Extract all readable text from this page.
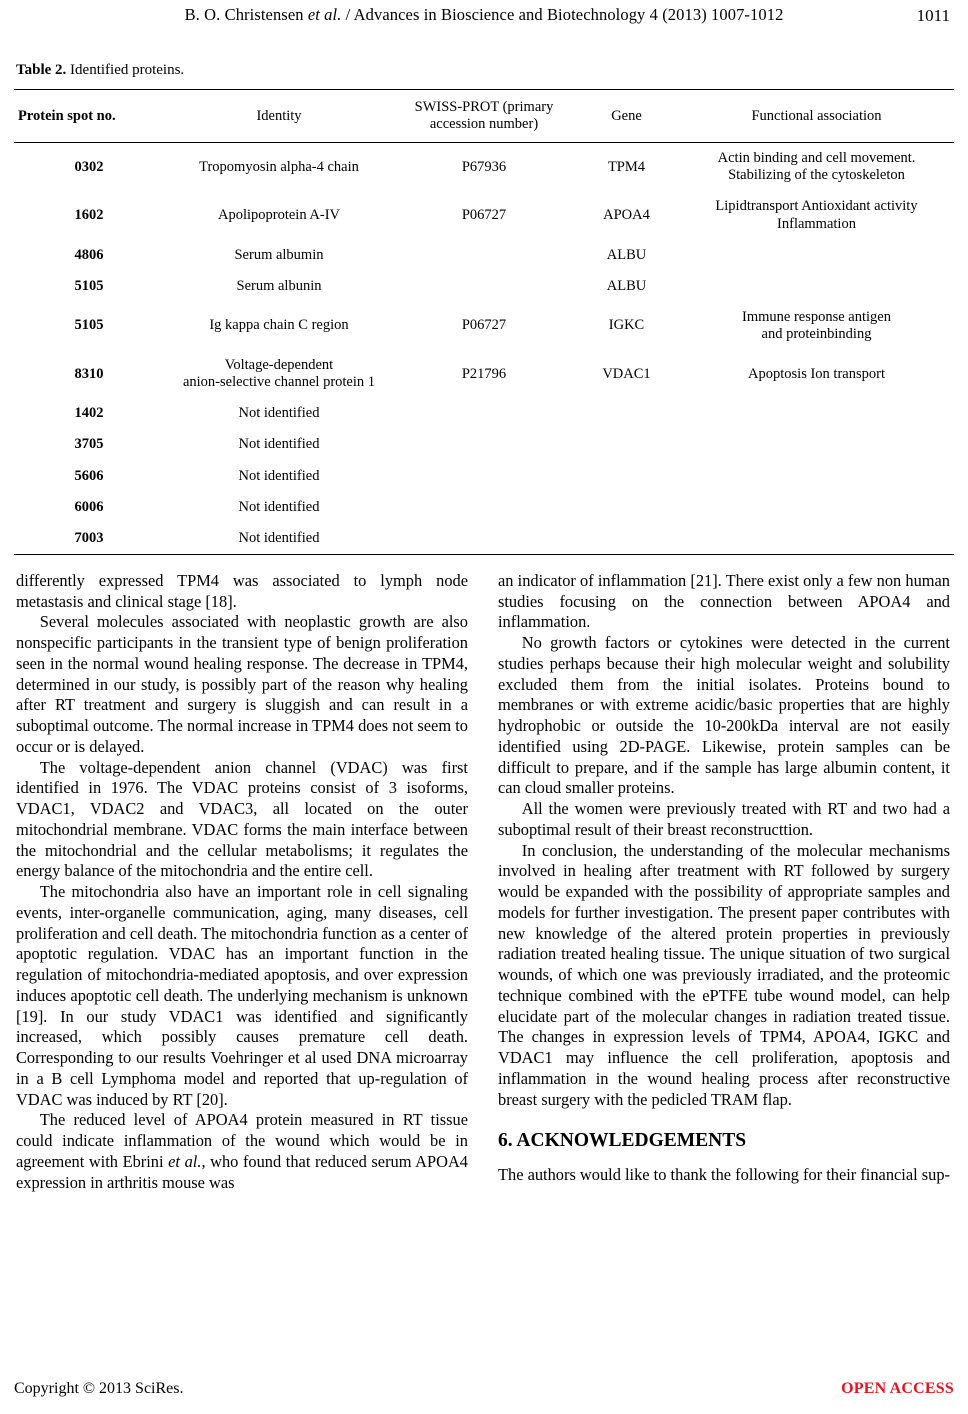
B. O. Christensen et al. / Advances in Bioscience and Biotechnology 4 (2013) 1007-1012	1011
Table 2. Identified proteins.
Protein spot no.	Identity	SWISS-PROT (primary
accession number)	Gene	Functional association
0302	Tropomyosin alpha-4 chain	P67936	TPM4	Actin binding and cell movement.
Stabilizing of the cytoskeleton
1602	Apolipoprotein A-IV	P06727	APOA4	Lipidtransport Antioxidant activity
Inflammation
4806	Serum albumin		ALBU	
5105	Serum albunin		ALBU	
5105	Ig kappa chain C region	P06727	IGKC	Immune response antigen
and proteinbinding
8310	Voltage-dependent
anion-selective channel protein 1	P21796	VDAC1	Apoptosis Ion transport
1402	Not identified			
3705	Not identified			
5606	Not identified			
6006	Not identified			
7003	Not identified			

differently expressed TPM4 was associated to lymph node metastasis and clinical stage [18].

Several molecules associated with neoplastic growth are also nonspecific participants in the transient type of benign proliferation seen in the normal wound healing response. The decrease in TPM4, determined in our study, is possibly part of the reason why healing after RT treatment and surgery is sluggish and can result in a suboptimal outcome. The normal increase in TPM4 does not seem to occur or is delayed.

The voltage-dependent anion channel (VDAC) was first identified in 1976. The VDAC proteins consist of 3 isoforms, VDAC1, VDAC2 and VDAC3, all located on the outer mitochondrial membrane. VDAC forms the main interface between the mitochondrial and the cellular metabolisms; it regulates the energy balance of the mitochondria and the entire cell.

The mitochondria also have an important role in cell signaling events, inter-organelle communication, aging, many diseases, cell proliferation and cell death. The mitochondria function as a center of apoptotic regulation. VDAC has an important function in the regulation of mitochondria-mediated apoptosis, and over expression induces apoptotic cell death. The underlying mechanism is unknown [19]. In our study VDAC1 was identified and significantly increased, which possibly causes premature cell death. Corresponding to our results Voehringer et al used DNA microarray in a B cell Lymphoma model and reported that up-regulation of VDAC was induced by RT [20].

The reduced level of APOA4 protein measured in RT tissue could indicate inflammation of the wound which would be in agreement with Ebrini et al., who found that reduced serum APOA4 expression in arthritis mouse was

an indicator of inflammation [21]. There exist only a few non human studies focusing on the connection between APOA4 and inflammation.

No growth factors or cytokines were detected in the current studies perhaps because their high molecular weight and solubility excluded them from the initial isolates. Proteins bound to membranes or with extreme acidic/basic properties that are highly hydrophobic or outside the 10-200kDa interval are not easily identified using 2D-PAGE. Likewise, protein samples can be difficult to prepare, and if the sample has large albumin content, it can cloud smaller proteins.

All the women were previously treated with RT and two had a suboptimal result of their breast reconstructtion.

In conclusion, the understanding of the molecular mechanisms involved in healing after treatment with RT followed by surgery would be expanded with the possibility of appropriate samples and models for further investigation. The present paper contributes with new knowledge of the altered protein properties in previously radiation treated healing tissue. The unique situation of two surgical wounds, of which one was previously irradiated, and the proteomic technique combined with the ePTFE tube wound model, can help elucidate part of the molecular changes in radiation treated tissue. The changes in expression levels of TPM4, APOA4, IGKC and VDAC1 may influence the cell proliferation, apoptosis and inflammation in the wound healing process after reconstructive breast surgery with the pedicled TRAM flap.

6. ACKNOWLEDGEMENTS

The authors would like to thank the following for their financial sup-

Copyright © 2013 SciRes.	OPEN ACCESS
